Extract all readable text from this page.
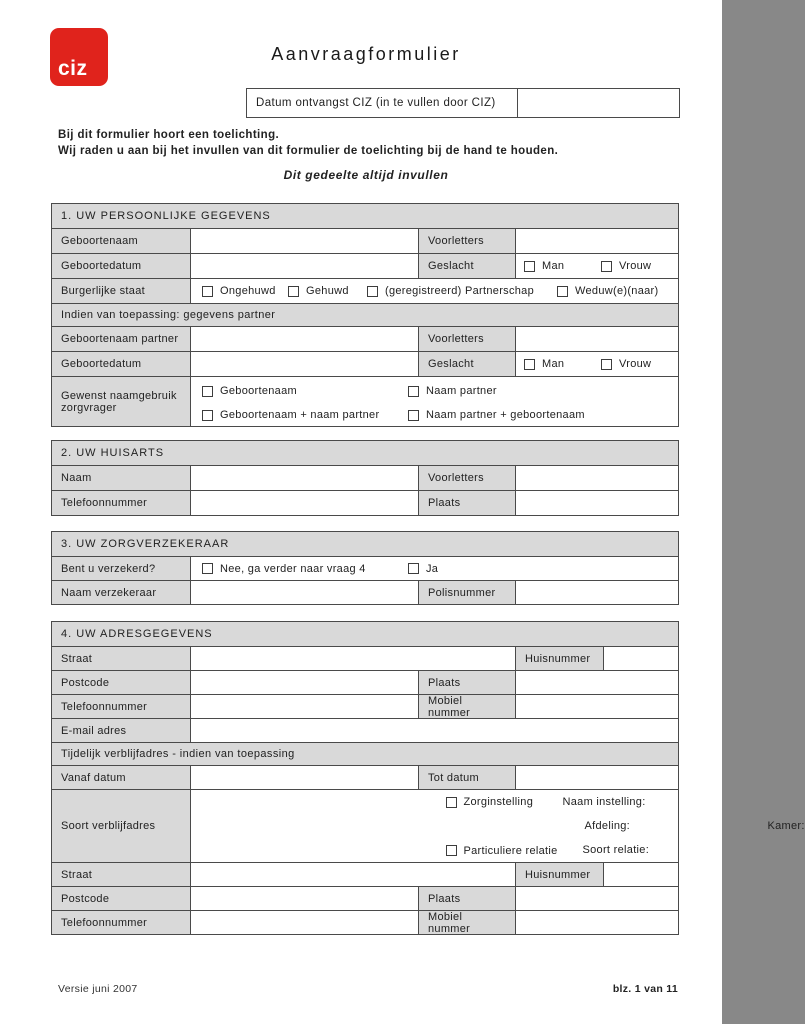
ciz
Aanvraagformulier
Datum ontvangst CIZ (in te vullen door CIZ)
Bij dit formulier hoort een toelichting.
Wij raden u aan bij het invullen van dit formulier de toelichting bij de hand te houden.
Dit gedeelte altijd invullen
1. UW PERSOONLIJKE GEGEVENS
Geboortenaam	Voorletters
Geboortedatum	Geslacht	Man	Vrouw
Burgerlijke staat	Ongehuwd	Gehuwd	(geregistreerd) Partnerschap	Weduw(e)(naar)
Indien van toepassing: gegevens partner
Geboortenaam partner	Voorletters
Geboortedatum	Geslacht	Man	Vrouw
Gewenst naamgebruik zorgvrager
Geboortenaam	Naam partner
Geboortenaam + naam partner	Naam partner + geboortenaam
2. UW HUISARTS
Naam	Voorletters
Telefoonnummer	Plaats
3. UW ZORGVERZEKERAAR
Bent u verzekerd?	Nee, ga verder naar vraag 4	Ja
Naam verzekeraar	Polisnummer
4. UW ADRESGEGEVENS
Straat	Huisnummer
Postcode	Plaats
Telefoonnummer	Mobiel nummer
E-mail adres
Tijdelijk verblijfadres - indien van toepassing
Vanaf datum	Tot datum
Soort verblijfadres
Zorginstelling	Naam instelling:
Afdeling:	Kamer:
Particuliere relatie Soort relatie:
Straat	Huisnummer
Postcode	Plaats
Telefoonnummer	Mobiel nummer
Versie juni 2007	blz. 1 van 11
